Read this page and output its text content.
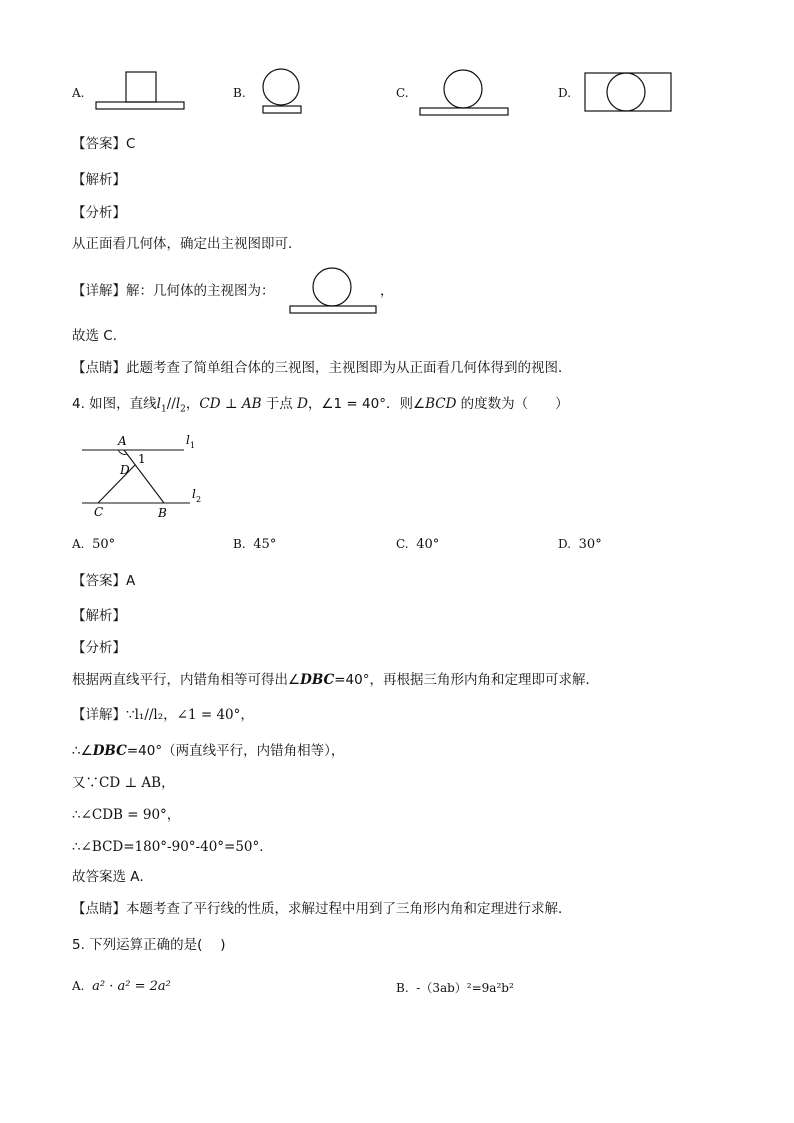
A.	B.	C.	D.
【答案】C
【解析】
【分析】
从正面看几何体，确定出主视图即可．
【详解】解：几何体的主视图为：	，
故选 C．
【点睛】此题考查了简单组合体的三视图，主视图即为从正面看几何体得到的视图．
4. 如图，直线$l_1//l_2$，CD ⊥ AB 于点 D，∠1 = 40°．则∠BCD 的度数为（　　）
A
1
D
C	B
l 1
l 2
A. 50°	B. 45°	C. 40°	D. 30°
【答案】A
【解析】
【分析】
根据两直线平行，内错角相等可得出∠DBC=40°，再根据三角形内角和定理即可求解．
【详解】∵l₁//l₂，∠1 = 40°，
∴∠DBC=40°（两直线平行，内错角相等），
又∵CD ⊥ AB，
∴∠CDB = 90°，
∴∠BCD=180°-90°-40°=50°．
故答案选 A．
【点睛】本题考查了平行线的性质，求解过程中用到了三角形内角和定理进行求解．
5. 下列运算正确的是(　 )
A. a² · a² = 2a²	B. -（3ab）²=9a²b²
